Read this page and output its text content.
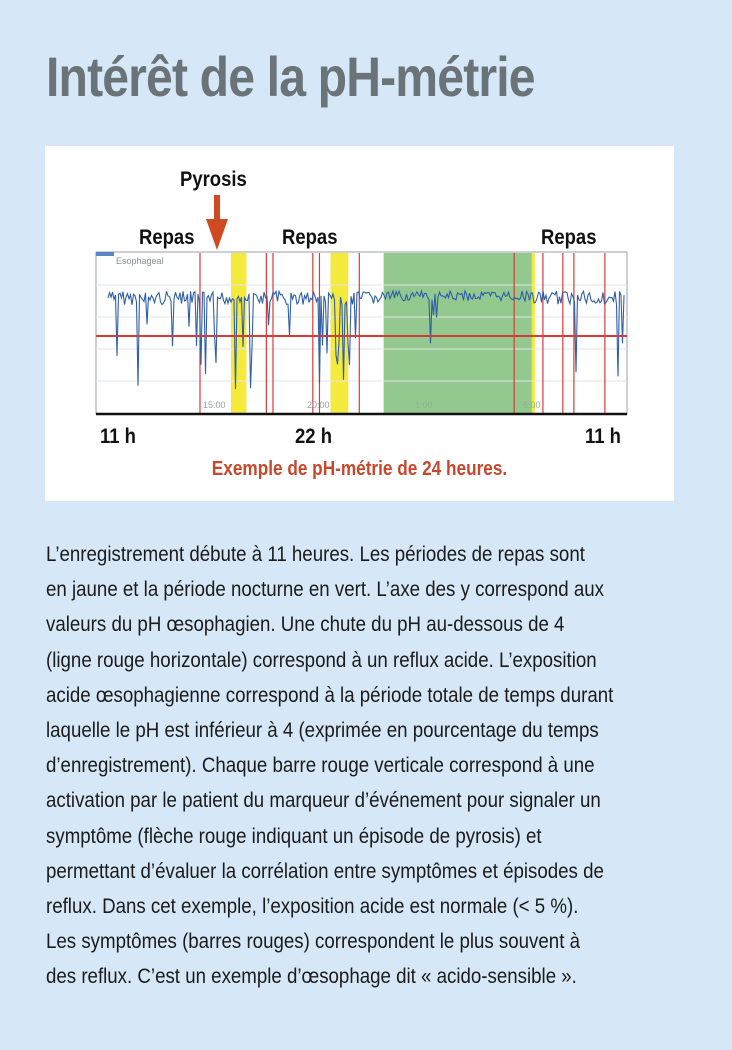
Intérêt de la pH-métrie
Esophageal
15:00	20:00	1:00	6:00
Pyrosis
Repas	Repas	Repas
11 h	22 h	11 h
Exemple de pH-métrie de 24 heures.
L’enregistrement débute à 11 heures. Les périodes de repas sont
en jaune et la période nocturne en vert. L’axe des y correspond aux
valeurs du pH œsophagien. Une chute du pH au-dessous de 4
(ligne rouge horizontale) correspond à un reflux acide. L’exposition
acide œsophagienne correspond à la période totale de temps durant
laquelle le pH est inférieur à 4 (exprimée en pourcentage du temps
d’enregistrement). Chaque barre rouge verticale correspond à une
activation par le patient du marqueur d’événement pour signaler un
symptôme (flèche rouge indiquant un épisode de pyrosis) et
permettant d’évaluer la corrélation entre symptômes et épisodes de
reflux. Dans cet exemple, l’exposition acide est normale (< 5 %).
Les symptômes (barres rouges) correspondent le plus souvent à
des reflux. C’est un exemple d’œsophage dit « acido-sensible ».
